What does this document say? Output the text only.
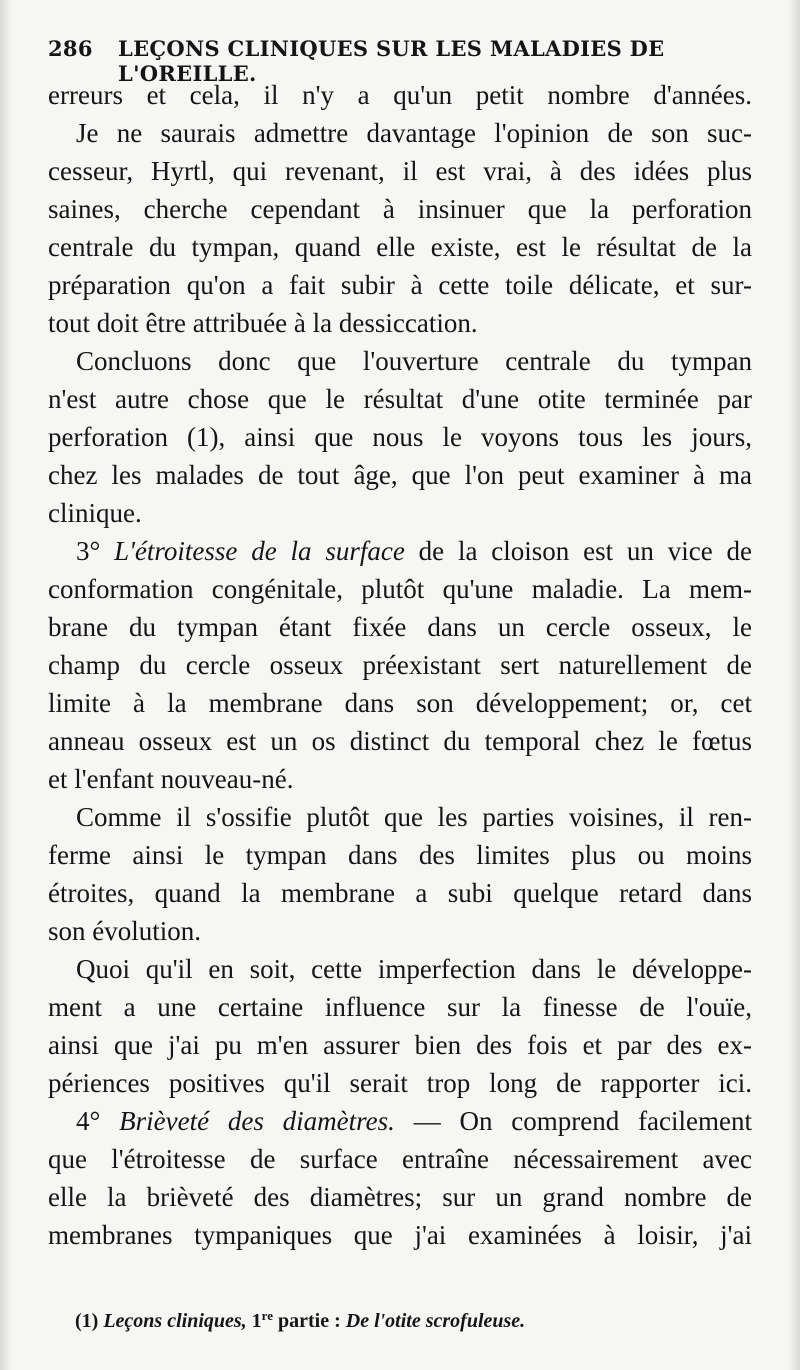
286	LEÇONS CLINIQUES SUR LES MALADIES DE L'OREILLE.
erreurs et cela, il n'y a qu'un petit nombre d'années.
Je ne saurais admettre davantage l'opinion de son suc-
cesseur, Hyrtl, qui revenant, il est vrai, à des idées plus
saines, cherche cependant à insinuer que la perforation
centrale du tympan, quand elle existe, est le résultat de la
préparation qu'on a fait subir à cette toile délicate, et sur-
tout doit être attribuée à la dessiccation.
Concluons donc que l'ouverture centrale du tympan
n'est autre chose que le résultat d'une otite terminée par
perforation (1), ainsi que nous le voyons tous les jours,
chez les malades de tout âge, que l'on peut examiner à ma
clinique.
3° L'étroitesse de la surface de la cloison est un vice de
conformation congénitale, plutôt qu'une maladie. La mem-
brane du tympan étant fixée dans un cercle osseux, le
champ du cercle osseux préexistant sert naturellement de
limite à la membrane dans son développement; or, cet
anneau osseux est un os distinct du temporal chez le fœtus
et l'enfant nouveau-né.
Comme il s'ossifie plutôt que les parties voisines, il ren-
ferme ainsi le tympan dans des limites plus ou moins
étroites, quand la membrane a subi quelque retard dans
son évolution.
Quoi qu'il en soit, cette imperfection dans le développe-
ment a une certaine influence sur la finesse de l'ouïe,
ainsi que j'ai pu m'en assurer bien des fois et par des ex-
périences positives qu'il serait trop long de rapporter ici.
4° Brièveté des diamètres. — On comprend facilement
que l'étroitesse de surface entraîne nécessairement avec
elle la brièveté des diamètres; sur un grand nombre de
membranes tympaniques que j'ai examinées à loisir, j'ai
(1) Leçons cliniques, 1re partie : De l'otite scrofuleuse.
